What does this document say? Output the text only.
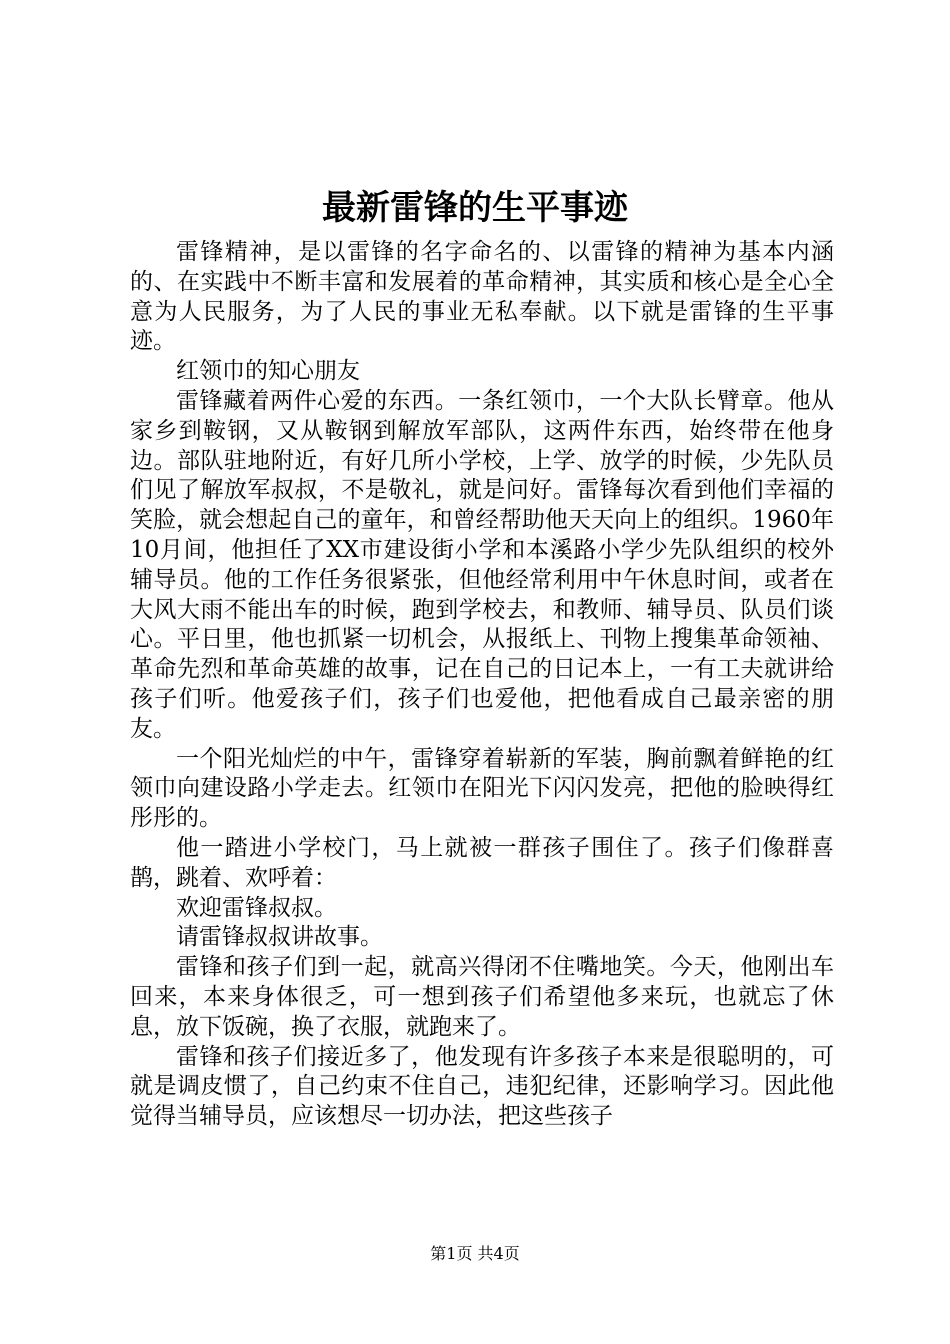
最新雷锋的生平事迹

雷锋精神，是以雷锋的名字命名的、以雷锋的精神为基本内涵的、在实践中不断丰富和发展着的革命精神，其实质和核心是全心全意为人民服务，为了人民的事业无私奉献。以下就是雷锋的生平事迹。

红领巾的知心朋友

雷锋藏着两件心爱的东西。一条红领巾，一个大队长臂章。他从家乡到鞍钢，又从鞍钢到解放军部队，这两件东西，始终带在他身边。部队驻地附近，有好几所小学校，上学、放学的时候，少先队员们见了解放军叔叔，不是敬礼，就是问好。雷锋每次看到他们幸福的笑脸，就会想起自己的童年，和曾经帮助他天天向上的组织。1960年10月间，他担任了XX市建设街小学和本溪路小学少先队组织的校外辅导员。他的工作任务很紧张，但他经常利用中午休息时间，或者在大风大雨不能出车的时候，跑到学校去，和教师、辅导员、队员们谈心。平日里，他也抓紧一切机会，从报纸上、刊物上搜集革命领袖、革命先烈和革命英雄的故事，记在自己的日记本上，一有工夫就讲给孩子们听。他爱孩子们，孩子们也爱他，把他看成自己最亲密的朋友。

一个阳光灿烂的中午，雷锋穿着崭新的军装，胸前飘着鲜艳的红领巾向建设路小学走去。红领巾在阳光下闪闪发亮，把他的脸映得红彤彤的。

他一踏进小学校门，马上就被一群孩子围住了。孩子们像群喜鹊，跳着、欢呼着：

欢迎雷锋叔叔。

请雷锋叔叔讲故事。

雷锋和孩子们到一起，就高兴得闭不住嘴地笑。今天，他刚出车回来，本来身体很乏，可一想到孩子们希望他多来玩，也就忘了休息，放下饭碗，换了衣服，就跑来了。

雷锋和孩子们接近多了，他发现有许多孩子本来是很聪明的，可就是调皮惯了，自己约束不住自己，违犯纪律，还影响学习。因此他觉得当辅导员，应该想尽一切办法，把这些孩子

第1页 共4页
